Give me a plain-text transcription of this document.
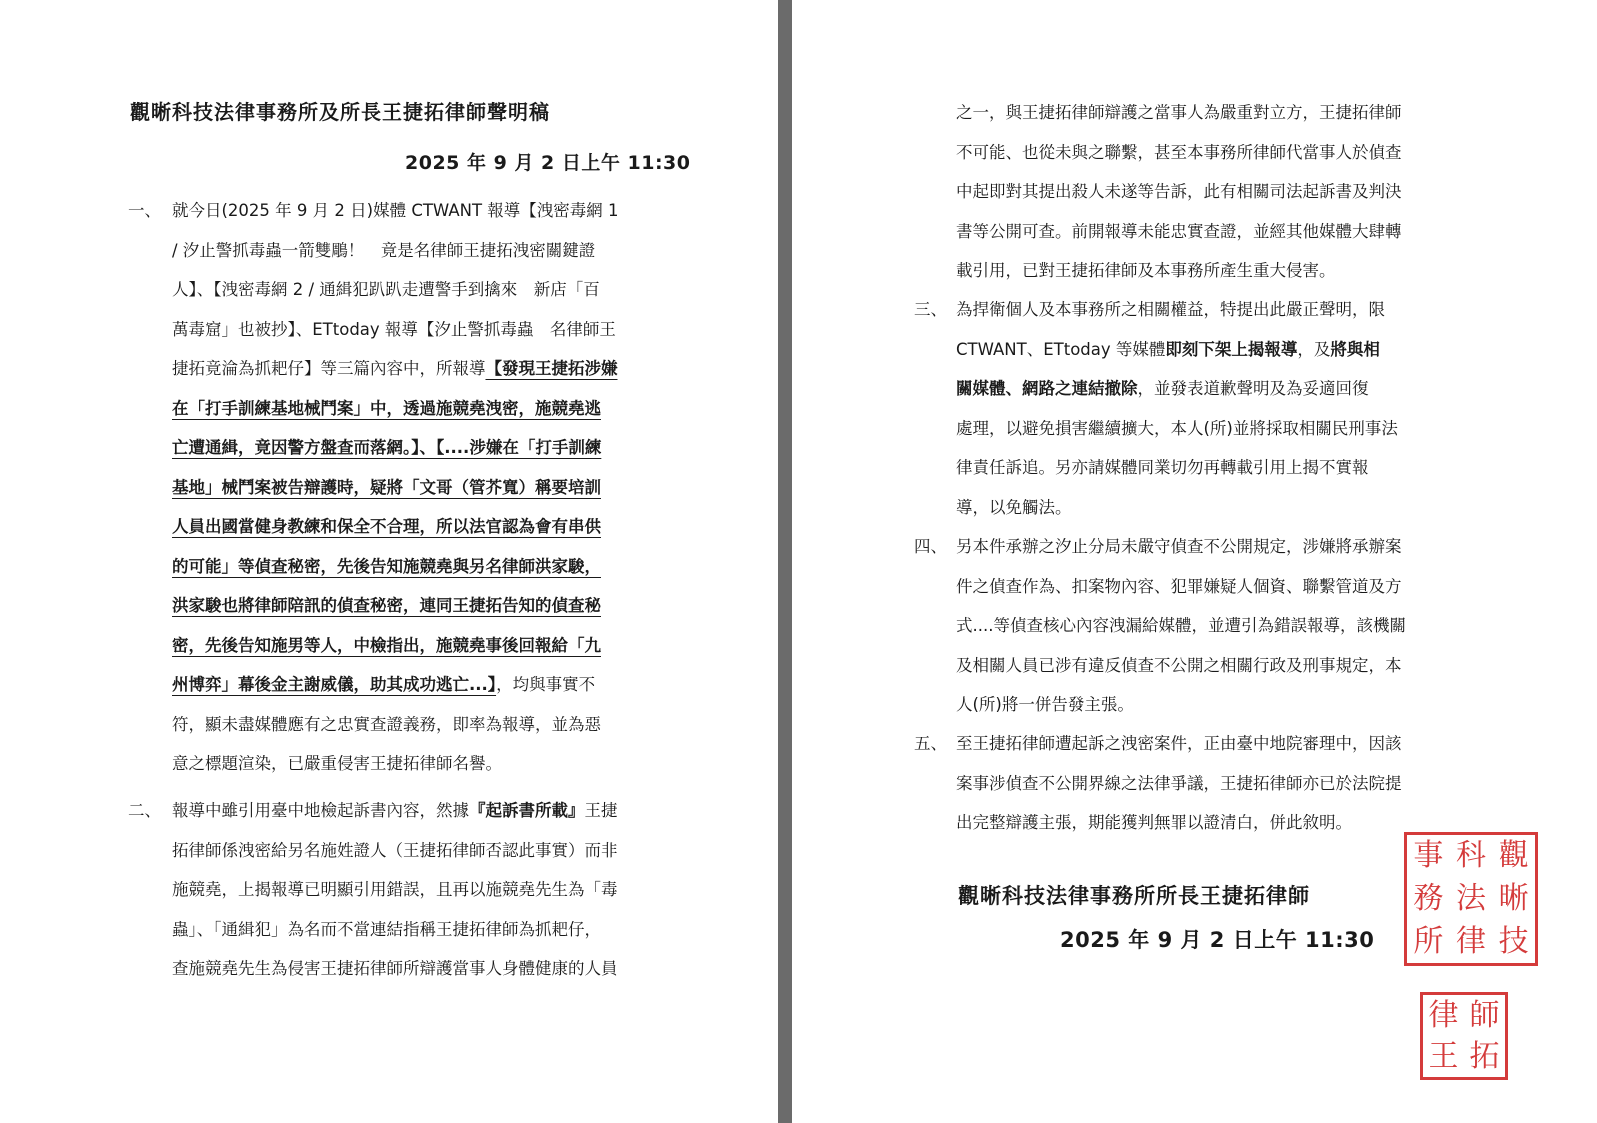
觀晰科技法律事務所及所長王捷拓律師聲明稿
2025 年 9 月 2 日上午 11:30
一、 就今日(2025 年 9 月 2 日)媒體 CTWANT 報導【洩密毒網 1
/ 汐止警抓毒蟲一箭雙鵰！　竟是名律師王捷拓洩密關鍵證
人】、【洩密毒網 2 / 通緝犯趴趴走遭警手到擒來　新店「百
萬毒窟」也被抄】、ETtoday 報導【汐止警抓毒蟲　名律師王
捷拓竟淪為抓耙仔】等三篇內容中，所報導【發現王捷拓涉嫌
在「打手訓練基地械鬥案」中，透過施競堯洩密，施競堯逃
亡遭通緝，竟因警方盤查而落網。】、【....涉嫌在「打手訓練
基地」械鬥案被告辯護時，疑將「文哥（管芥寬）稱要培訓
人員出國當健身教練和保全不合理，所以法官認為會有串供
的可能」等偵查秘密，先後告知施競堯與另名律師洪家駿，
洪家駿也將律師陪訊的偵查秘密，連同王捷拓告知的偵查秘
密，先後告知施男等人，中檢指出，施競堯事後回報給「九
州博弈」幕後金主謝威儀，助其成功逃亡...】，均與事實不
符，顯未盡媒體應有之忠實查證義務，即率為報導，並為惡
意之標題渲染，已嚴重侵害王捷拓律師名譽。
二、 報導中雖引用臺中地檢起訴書內容，然據『起訴書所載』王捷
拓律師係洩密給另名施姓證人（王捷拓律師否認此事實）而非
施競堯，上揭報導已明顯引用錯誤，且再以施競堯先生為「毒
蟲」、「通緝犯」為名而不當連結指稱王捷拓律師為抓耙仔，
查施競堯先生為侵害王捷拓律師所辯護當事人身體健康的人員
之一，與王捷拓律師辯護之當事人為嚴重對立方，王捷拓律師
不可能、也從未與之聯繫，甚至本事務所律師代當事人於偵查
中起即對其提出殺人未遂等告訴，此有相關司法起訴書及判決
書等公開可查。前開報導未能忠實查證，並經其他媒體大肆轉
載引用，已對王捷拓律師及本事務所產生重大侵害。
三、 為捍衛個人及本事務所之相關權益，特提出此嚴正聲明，限
CTWANT、ETtoday 等媒體即刻下架上揭報導，及將與相
關媒體、網路之連結撤除，並發表道歉聲明及為妥適回復
處理，以避免損害繼續擴大，本人(所)並將採取相關民刑事法
律責任訴追。另亦請媒體同業切勿再轉載引用上揭不實報
導，以免觸法。
四、 另本件承辦之汐止分局未嚴守偵查不公開規定，涉嫌將承辦案
件之偵查作為、扣案物內容、犯罪嫌疑人個資、聯繫管道及方
式....等偵查核心內容洩漏給媒體，並遭引為錯誤報導，該機關
及相關人員已涉有違反偵查不公開之相關行政及刑事規定，本
人(所)將一併告發主張。
五、 至王捷拓律師遭起訴之洩密案件，正由臺中地院審理中，因該
案事涉偵查不公開界線之法律爭議，王捷拓律師亦已於法院提
出完整辯護主張，期能獲判無罪以證清白，併此敘明。
觀晰科技法律事務所所長王捷拓律師
2025 年 9 月 2 日上午 11:30
事 科 觀
務 法 晰
所 律 技
律 師
王 拓
